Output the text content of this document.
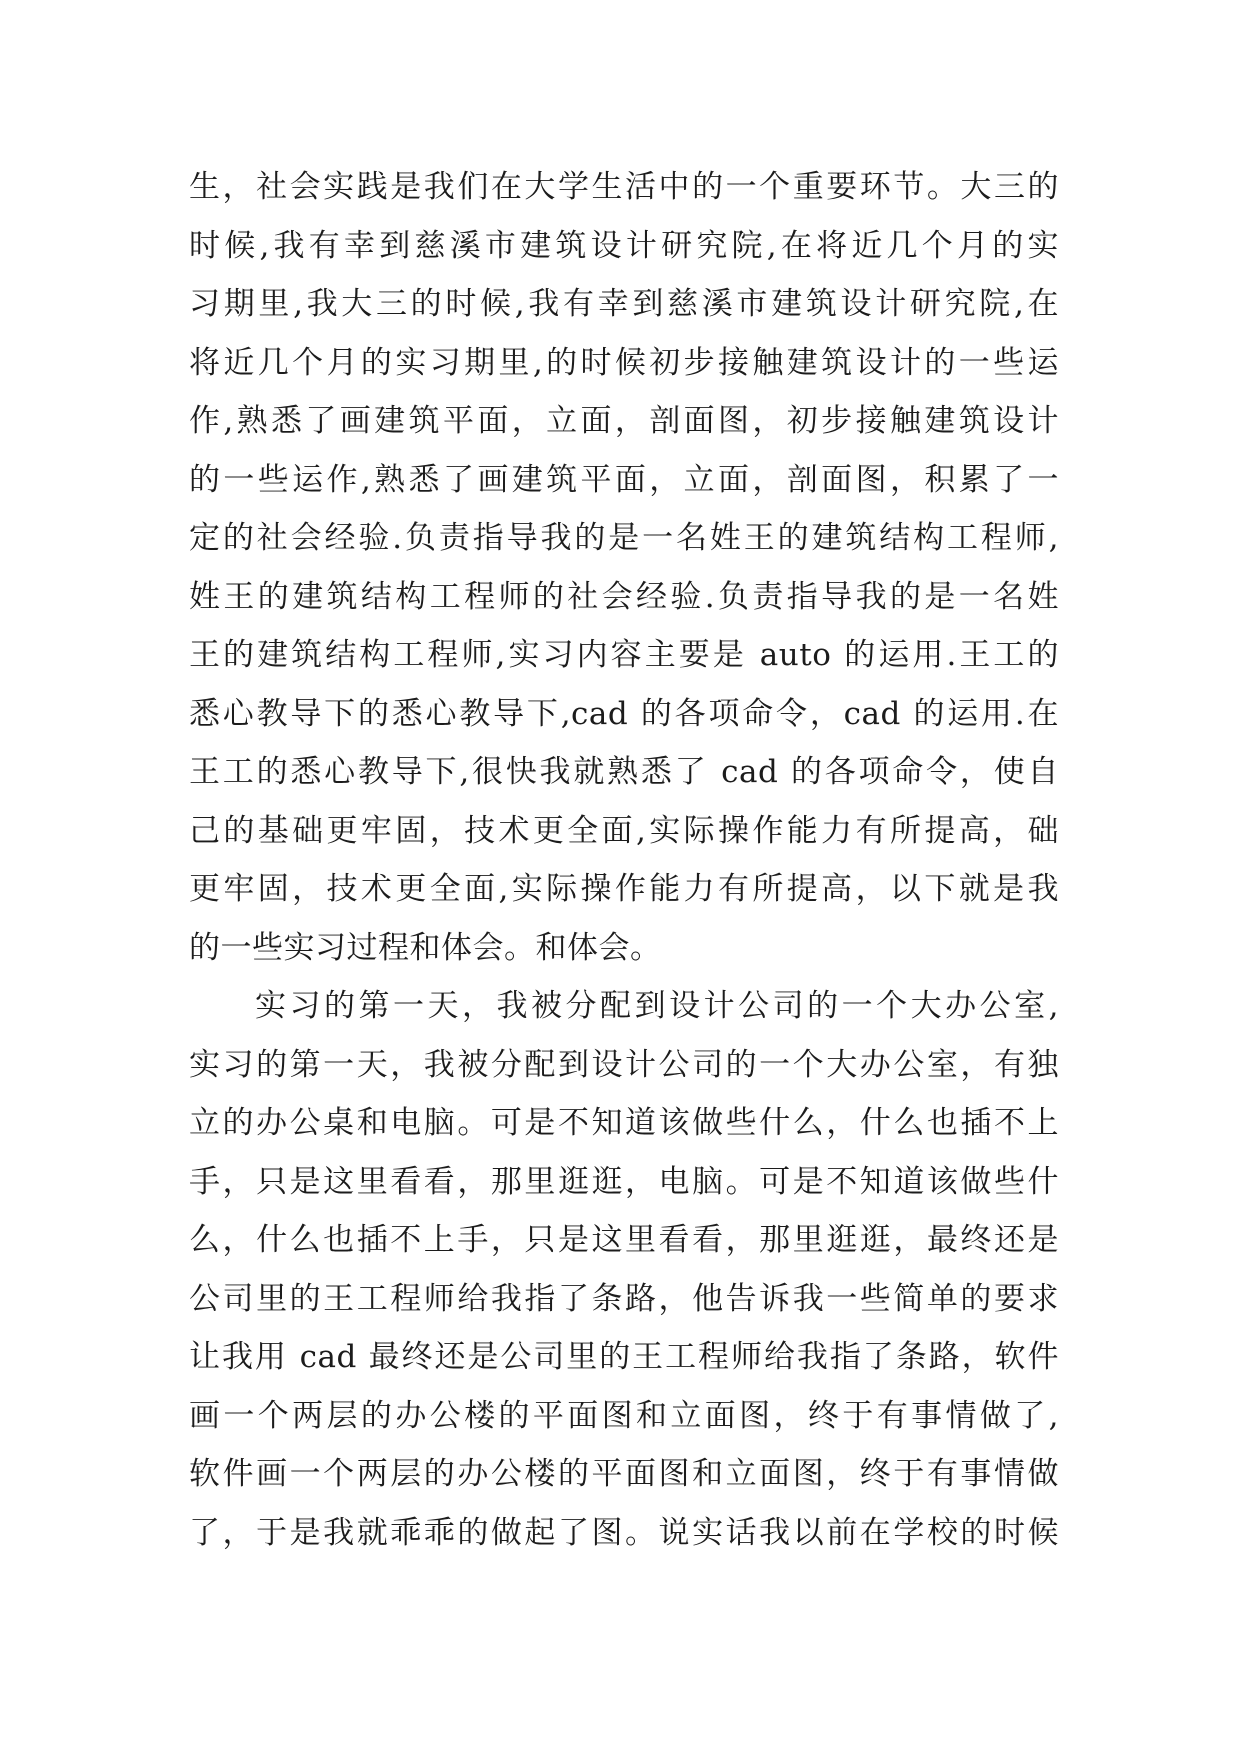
生，社会实践是我们在大学生活中的一个重要环节。大三的
时候,我有幸到慈溪市建筑设计研究院,在将近几个月的实
习期里,我大三的时候,我有幸到慈溪市建筑设计研究院,在
将近几个月的实习期里,的时候初步接触建筑设计的一些运
作,熟悉了画建筑平面，立面，剖面图，初步接触建筑设计
的一些运作,熟悉了画建筑平面，立面，剖面图，积累了一
定的社会经验.负责指导我的是一名姓王的建筑结构工程师,
姓王的建筑结构工程师的社会经验.负责指导我的是一名姓
王的建筑结构工程师,实习内容主要是 auto 的运用.王工的
悉心教导下的悉心教导下,cad 的各项命令，cad 的运用.在
王工的悉心教导下,很快我就熟悉了 cad 的各项命令，使自
己的基础更牢固，技术更全面,实际操作能力有所提高，础
更牢固，技术更全面,实际操作能力有所提高，以下就是我
的一些实习过程和体会。和体会。
实习的第一天，我被分配到设计公司的一个大办公室,
实习的第一天，我被分配到设计公司的一个大办公室，有独
立的办公桌和电脑。可是不知道该做些什么，什么也插不上
手，只是这里看看，那里逛逛，电脑。可是不知道该做些什
么，什么也插不上手，只是这里看看，那里逛逛，最终还是
公司里的王工程师给我指了条路，他告诉我一些简单的要求
让我用 cad 最终还是公司里的王工程师给我指了条路，软件
画一个两层的办公楼的平面图和立面图，终于有事情做了,
软件画一个两层的办公楼的平面图和立面图，终于有事情做
了，于是我就乖乖的做起了图。说实话我以前在学校的时候
